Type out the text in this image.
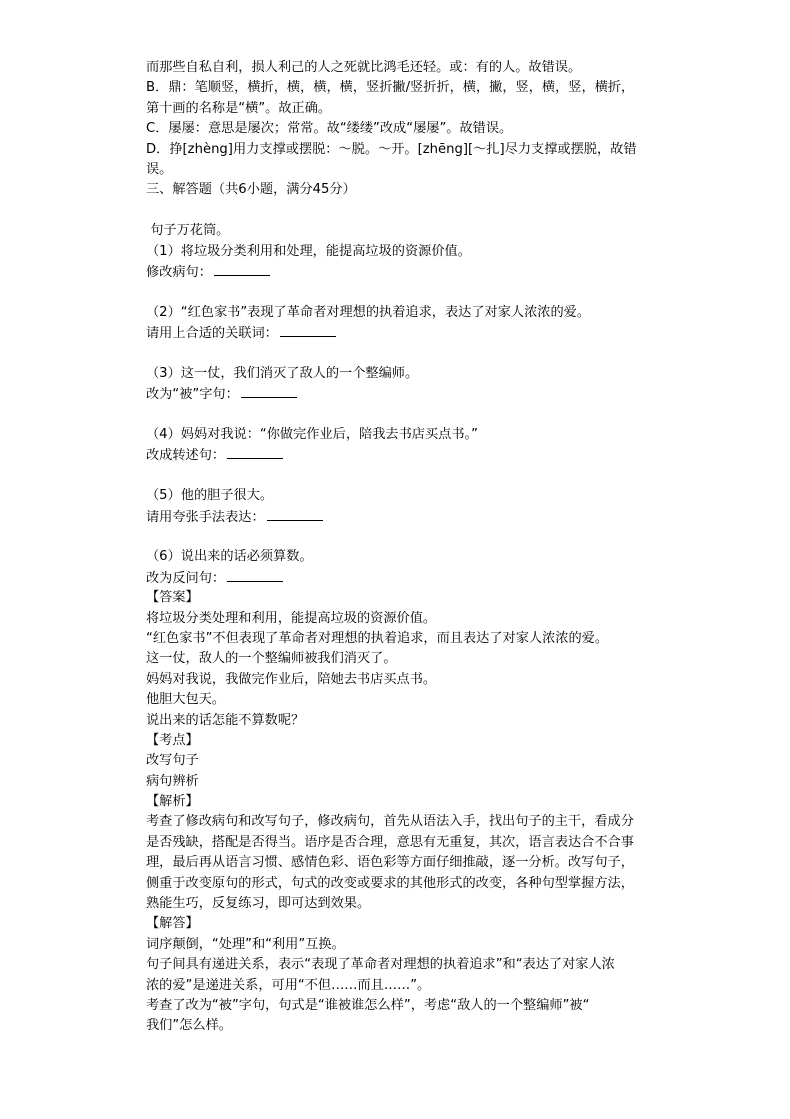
而那些自私自利，损人利己的人之死就比鸿毛还轻。或：有的人。故错误。
B．鼎：笔顺竖，横折，横，横，横，竖折撇/竖折折，横，撇，竖，横，竖，横折，
第十画的名称是“横”。故正确。
C．屡屡：意思是屡次；常常。故“缕缕”改成“屡屡”。故错误。
D．挣[zhèng]用力支撑或摆脱：～脱。～开。[zhēng][～扎]尽力支撑或摆脱，故错
误。
三、解答题（共6小题，满分45分）
句子万花筒。
（1）将垃圾分类利用和处理，能提高垃圾的资源价值。
修改病句：
（2）“红色家书”表现了革命者对理想的执着追求，表达了对家人浓浓的爱。
请用上合适的关联词：
（3）这一仗，我们消灭了敌人的一个整编师。
改为“被”字句：
（4）妈妈对我说：“你做完作业后，陪我去书店买点书。”
改成转述句：
（5）他的胆子很大。
请用夸张手法表达：
（6）说出来的话必须算数。
改为反问句：
【答案】
将垃圾分类处理和利用，能提高垃圾的资源价值。
“红色家书”不但表现了革命者对理想的执着追求，而且表达了对家人浓浓的爱。
这一仗，敌人的一个整编师被我们消灭了。
妈妈对我说，我做完作业后，陪她去书店买点书。
他胆大包天。
说出来的话怎能不算数呢？
【考点】
改写句子
病句辨析
【解析】
考查了修改病句和改写句子，修改病句，首先从语法入手，找出句子的主干，看成分
是否残缺，搭配是否得当。语序是否合理，意思有无重复，其次，语言表达合不合事
理，最后再从语言习惯、感情色彩、语色彩等方面仔细推敲，逐一分析。改写句子，
侧重于改变原句的形式，句式的改变或要求的其他形式的改变，各种句型掌握方法，
熟能生巧，反复练习，即可达到效果。
【解答】
词序颠倒，“处理”和“利用”互换。
句子间具有递进关系，表示“表现了革命者对理想的执着追求”和“表达了对家人浓
浓的爱”是递进关系，可用“不但……而且……”。
考查了改为“被”字句，句式是“谁被谁怎么样”，考虑“敌人的一个整编师”被“
我们”怎么样。
